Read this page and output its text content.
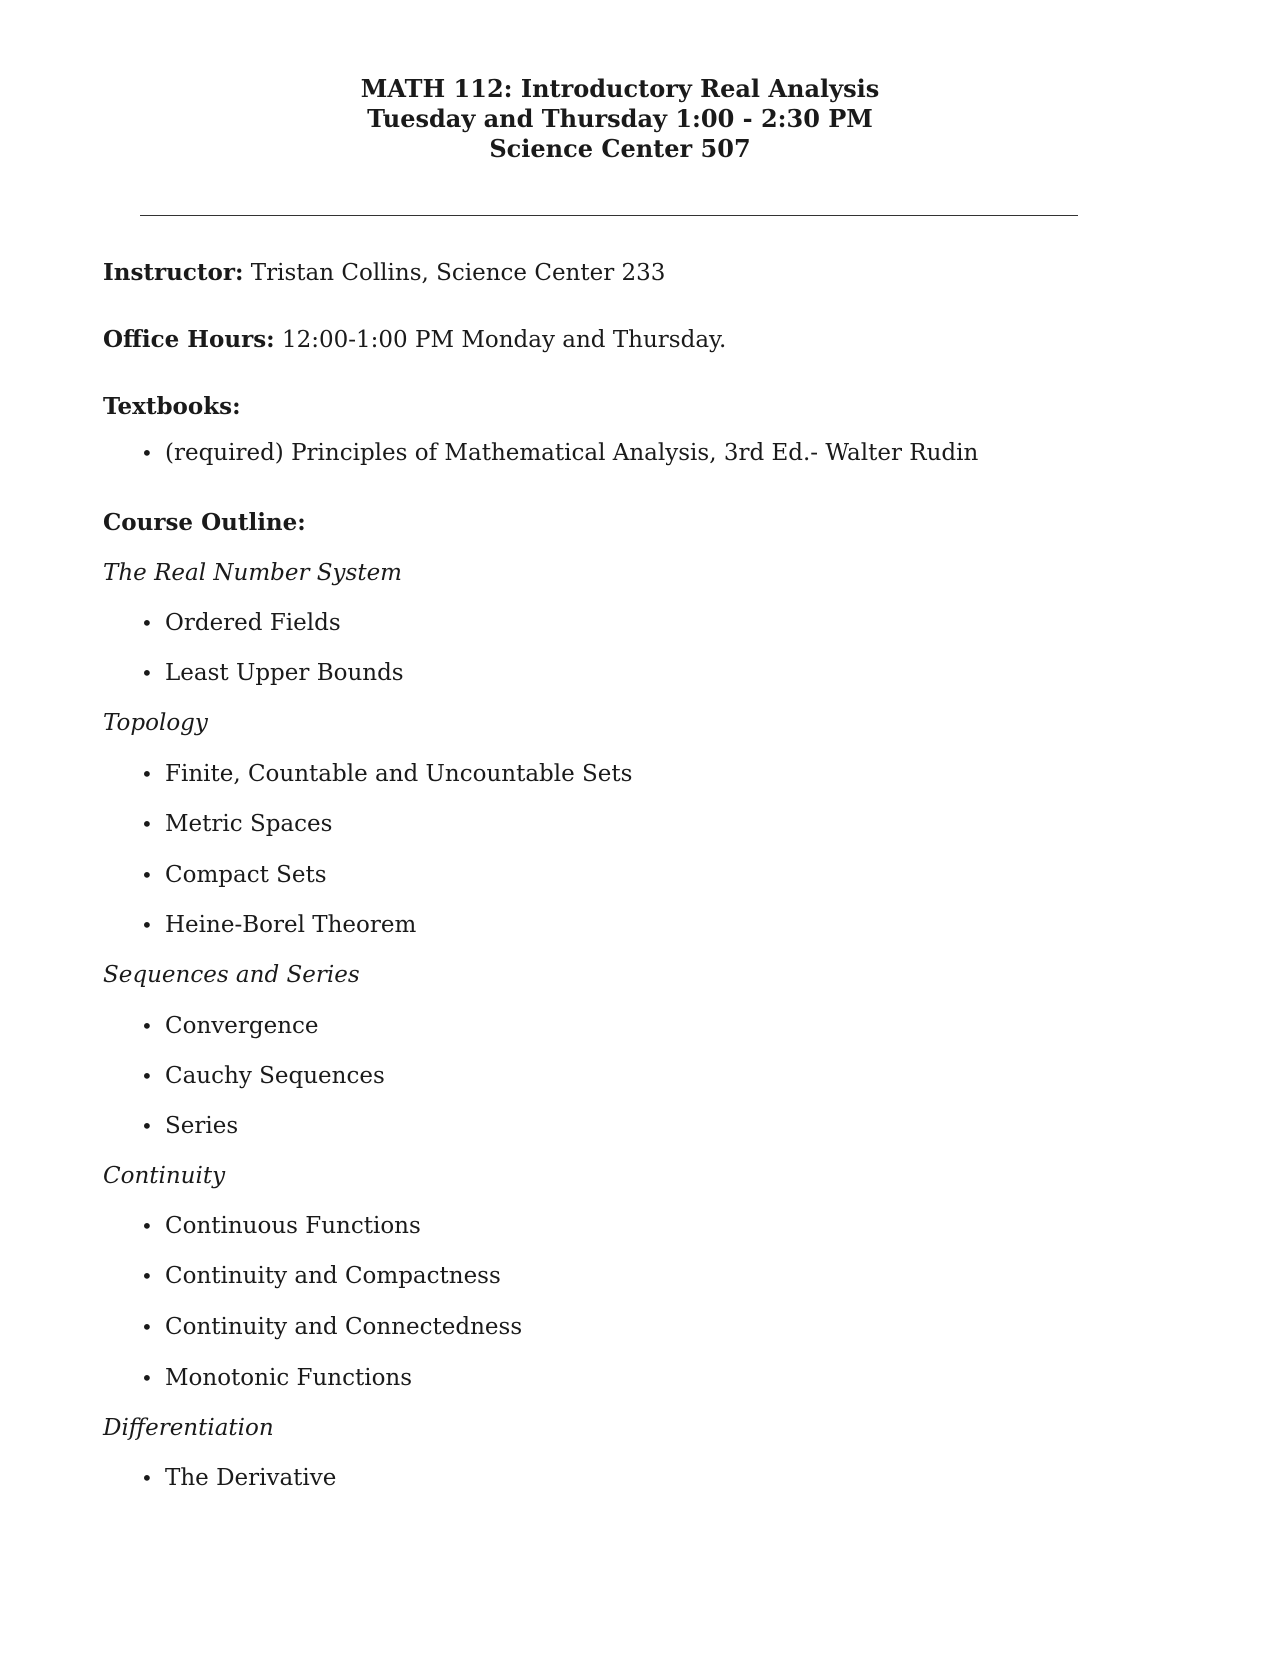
MATH 112: Introductory Real Analysis
Tuesday and Thursday 1:00 - 2:30 PM
Science Center 507
Instructor: Tristan Collins, Science Center 233
Office Hours: 12:00-1:00 PM Monday and Thursday.
Textbooks:
• (required) Principles of Mathematical Analysis, 3rd Ed.- Walter Rudin
Course Outline:
The Real Number System
• Ordered Fields
• Least Upper Bounds
Topology
• Finite, Countable and Uncountable Sets
• Metric Spaces
• Compact Sets
• Heine-Borel Theorem
Sequences and Series
• Convergence
• Cauchy Sequences
• Series
Continuity
• Continuous Functions
• Continuity and Compactness
• Continuity and Connectedness
• Monotonic Functions
Differentiation
• The Derivative
